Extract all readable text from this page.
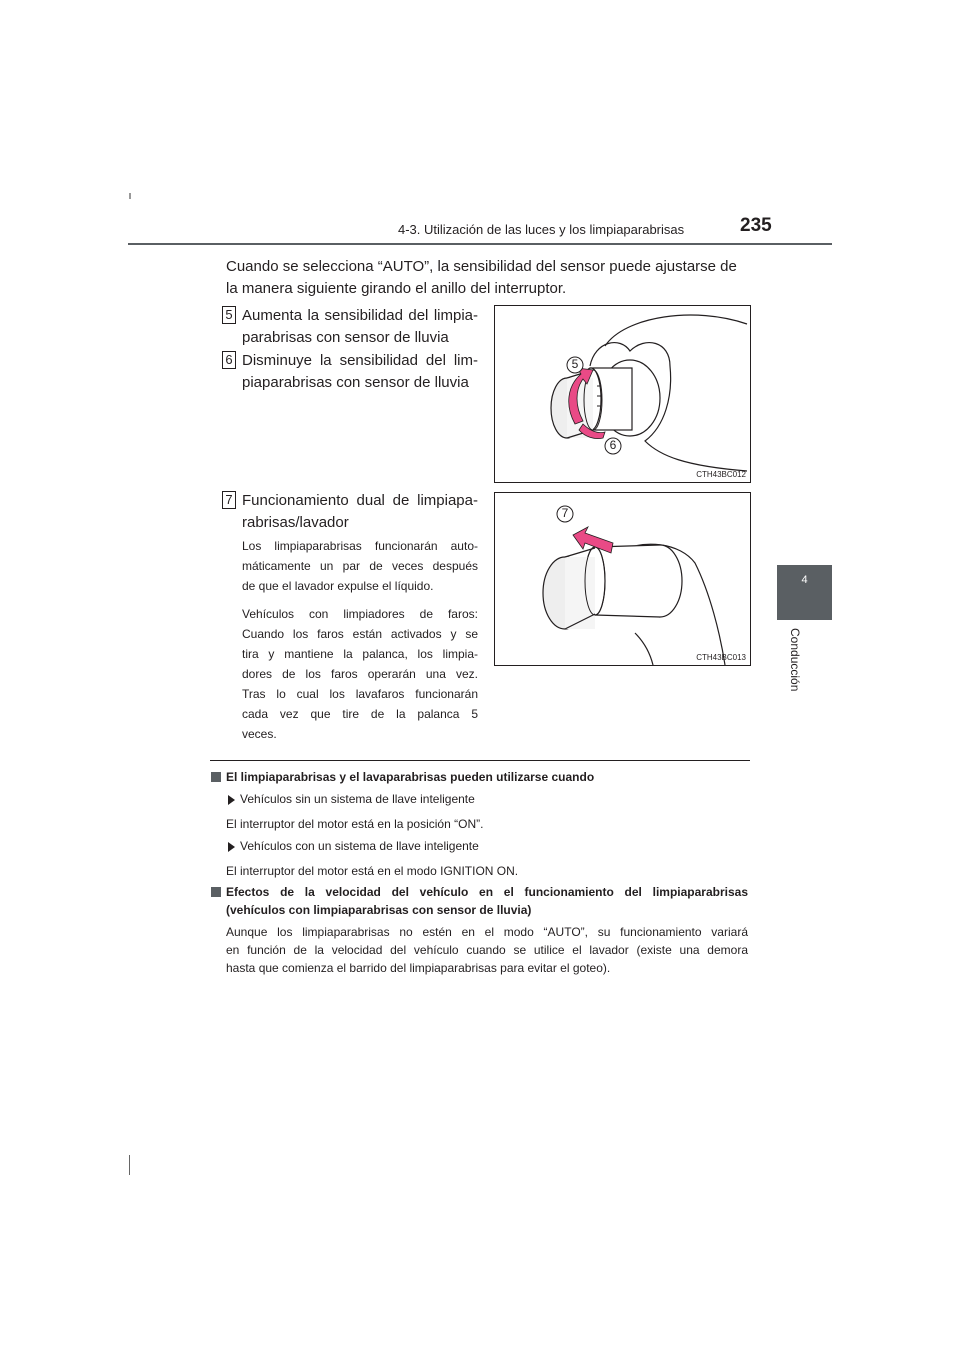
4-3. Utilización de las luces y los limpiaparabrisas	235
4
Conducción
Cuando se selecciona “AUTO”, la sensibilidad del sensor puede ajustarse de
la manera siguiente girando el anillo del interruptor.
5 Aumenta la sensibilidad del limpia-
parabrisas con sensor de lluvia
6 Disminuye la sensibilidad del lim-
piaparabrisas con sensor de lluvia
7 Funcionamiento dual de limpiapa-
rabrisas/lavador
Los limpiaparabrisas funcionarán auto-
máticamente un par de veces después
de que el lavador expulse el líquido.
Vehículos con limpiadores de faros:
Cuando los faros están activados y se
tira y mantiene la palanca, los limpia-
dores de los faros operarán una vez.
Tras lo cual los lavafaros funcionarán
cada vez que tire de la palanca 5
veces.
5
6
CTH43BC012
7
CTH43BC013
El limpiaparabrisas y el lavaparabrisas pueden utilizarse cuando
Vehículos sin un sistema de llave inteligente
El interruptor del motor está en la posición “ON”.
Vehículos con un sistema de llave inteligente
El interruptor del motor está en el modo IGNITION ON.
Efectos de la velocidad del vehículo en el funcionamiento del limpiaparabrisas
(vehículos con limpiaparabrisas con sensor de lluvia)
Aunque los limpiaparabrisas no estén en el modo “AUTO”, su funcionamiento variará
en función de la velocidad del vehículo cuando se utilice el lavador (existe una demora
hasta que comienza el barrido del limpiaparabrisas para evitar el goteo).
